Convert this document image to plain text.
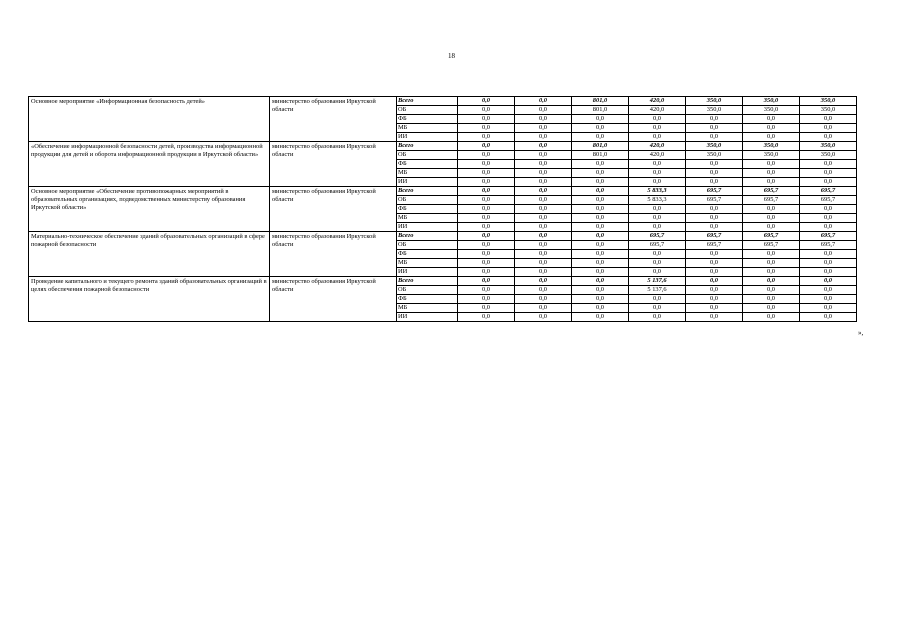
18
Основное мероприятие «Информационная безопасность детей»	министерство образования Иркутской области	Всего	0,0	0,0	801,0	420,0	350,0	350,0	350,0
		ОБ	0,0	0,0	801,0	420,0	350,0	350,0	350,0
		ФБ	0,0	0,0	0,0	0,0	0,0	0,0	0,0
		МБ	0,0	0,0	0,0	0,0	0,0	0,0	0,0
		ИИ	0,0	0,0	0,0	0,0	0,0	0,0	0,0
«Обеспечение информационной безопасности детей, производства информационной продукции для детей и оборота информационной продукции в Иркутской области»	министерство образования Иркутской области	Всего	0,0	0,0	801,0	420,0	350,0	350,0	350,0
		ОБ	0,0	0,0	801,0	420,0	350,0	350,0	350,0
		ФБ	0,0	0,0	0,0	0,0	0,0	0,0	0,0
		МБ	0,0	0,0	0,0	0,0	0,0	0,0	0,0
		ИИ	0,0	0,0	0,0	0,0	0,0	0,0	0,0
Основное мероприятие «Обеспечение противопожарных мероприятий в образовательных организациях, подведомственных министерству образования Иркутской области»	министерство образования Иркутской области	Всего	0,0	0,0	0,0	5 833,3	695,7	695,7	695,7
		ОБ	0,0	0,0	0,0	5 833,3	695,7	695,7	695,7
		ФБ	0,0	0,0	0,0	0,0	0,0	0,0	0,0
		МБ	0,0	0,0	0,0	0,0	0,0	0,0	0,0
		ИИ	0,0	0,0	0,0	0,0	0,0	0,0	0,0
Материально-техническое обеспечение зданий образовательных организаций в сфере пожарной безопасности	министерство образования Иркутской области	Всего	0,0	0,0	0,0	695,7	695,7	695,7	695,7
		ОБ	0,0	0,0	0,0	695,7	695,7	695,7	695,7
		ФБ	0,0	0,0	0,0	0,0	0,0	0,0	0,0
		МБ	0,0	0,0	0,0	0,0	0,0	0,0	0,0
		ИИ	0,0	0,0	0,0	0,0	0,0	0,0	0,0
Проведение капитального и текущего ремонта зданий образовательных организаций в целях обеспечения пожарной безопасности	министерство образования Иркутской области	Всего	0,0	0,0	0,0	5 137,6	0,0	0,0	0,0
		ОБ	0,0	0,0	0,0	5 137,6	0,0	0,0	0,0
		ФБ	0,0	0,0	0,0	0,0	0,0	0,0	0,0
		МБ	0,0	0,0	0,0	0,0	0,0	0,0	0,0
		ИИ	0,0	0,0	0,0	0,0	0,0	0,0	0,0
»,
